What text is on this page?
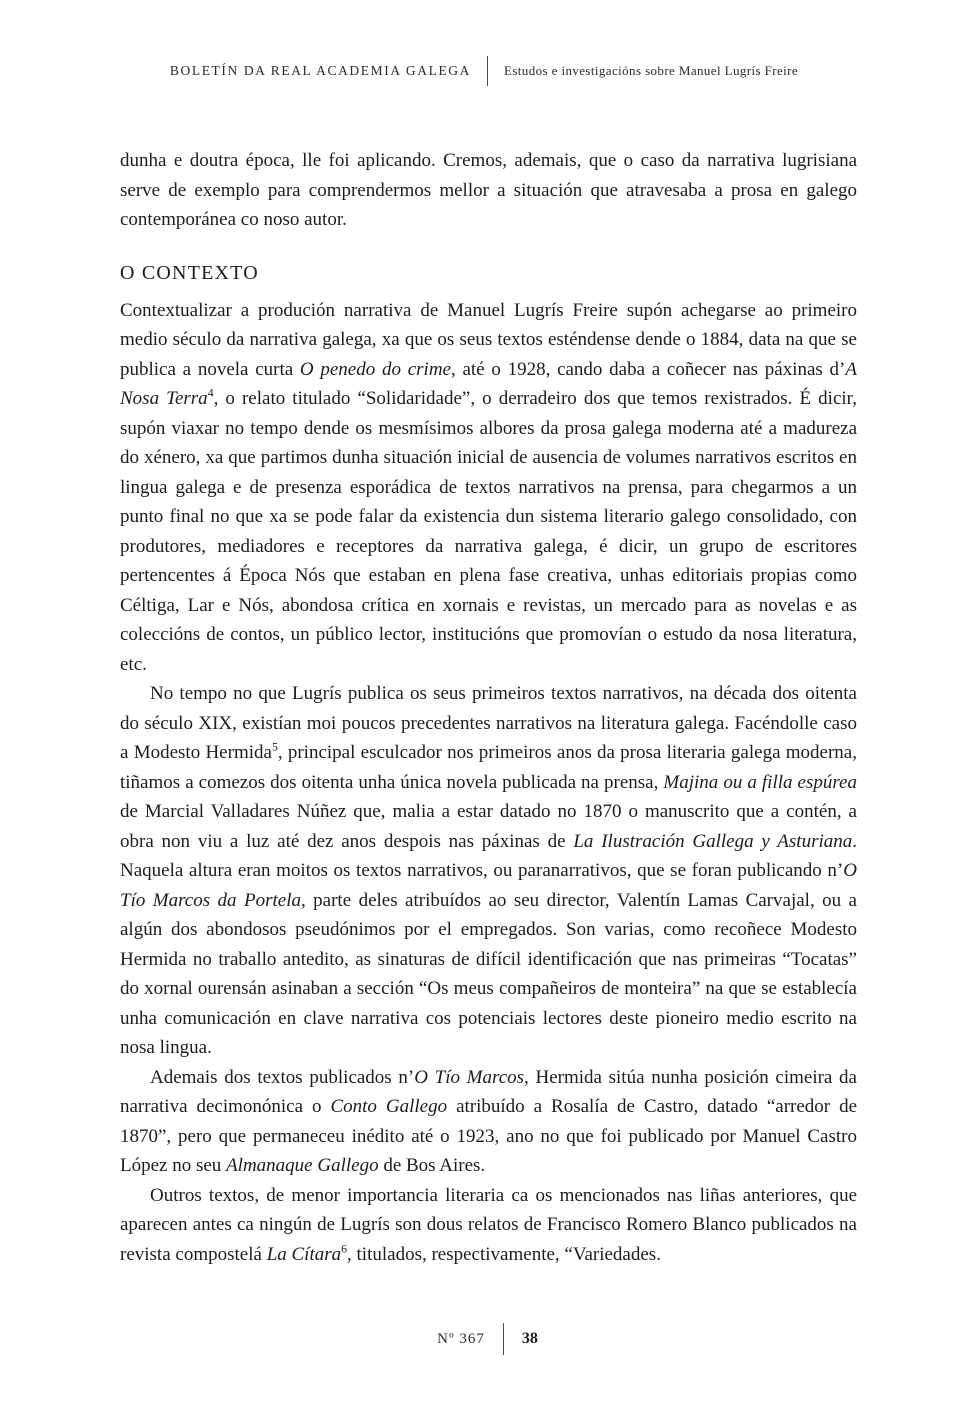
BOLETÍN DA REAL ACADEMIA GALEGA	Estudos e investigacións sobre Manuel Lugrís Freire

dunha e doutra época, lle foi aplicando. Cremos, ademais, que o caso da narrativa lugrisiana serve de exemplo para comprendermos mellor a situación que atravesaba a prosa en galego contemporánea co noso autor.

O CONTEXTO

Contextualizar a produción narrativa de Manuel Lugrís Freire supón achegarse ao primeiro medio século da narrativa galega, xa que os seus textos esténdense dende o 1884, data na que se publica a novela curta O penedo do crime, até o 1928, cando daba a coñecer nas páxinas d’A Nosa Terra$^4$, o relato titulado “Solidaridade”, o derradeiro dos que temos rexistrados. É dicir, supón viaxar no tempo dende os mesmísimos albores da prosa galega moderna até a madureza do xénero, xa que partimos dunha situación inicial de ausencia de volumes narrativos escritos en lingua galega e de presenza esporádica de textos narrativos na prensa, para chegarmos a un punto final no que xa se pode falar da existencia dun sistema literario galego consolidado, con produtores, mediadores e receptores da narrativa galega, é dicir, un grupo de escritores pertencentes á Época Nós que estaban en plena fase creativa, unhas editoriais propias como Céltiga, Lar e Nós, abondosa crítica en xornais e revistas, un mercado para as novelas e as coleccións de contos, un público lector, institucións que promovían o estudo da nosa literatura, etc.

No tempo no que Lugrís publica os seus primeiros textos narrativos, na década dos oitenta do século XIX, existían moi poucos precedentes narrativos na literatura galega. Facéndolle caso a Modesto Hermida$^5$, principal esculcador nos primeiros anos da prosa literaria galega moderna, tiñamos a comezos dos oitenta unha única novela publicada na prensa, Majina ou a filla espúrea de Marcial Valladares Núñez que, malia a estar datado no 1870 o manuscrito que a contén, a obra non viu a luz até dez anos despois nas páxinas de La Ilustración Gallega y Asturiana. Naquela altura eran moitos os textos narrativos, ou paranarrativos, que se foran publicando n’O Tío Marcos da Portela, parte deles atribuídos ao seu director, Valentín Lamas Carvajal, ou a algún dos abondosos pseudónimos por el empregados. Son varias, como recoñece Modesto Hermida no traballo antedito, as sinaturas de difícil identificación que nas primeiras “Tocatas” do xornal ourensán asinaban a sección “Os meus compañeiros de monteira” na que se establecía unha comunicación en clave narrativa cos potenciais lectores deste pioneiro medio escrito na nosa lingua.

Ademais dos textos publicados n’O Tío Marcos, Hermida sitúa nunha posición cimeira da narrativa decimonónica o Conto Gallego atribuído a Rosalía de Castro, datado “arredor de 1870”, pero que permaneceu inédito até o 1923, ano no que foi publicado por Manuel Castro López no seu Almanaque Gallego de Bos Aires.

Outros textos, de menor importancia literaria ca os mencionados nas liñas anteriores, que aparecen antes ca ningún de Lugrís son dous relatos de Francisco Romero Blanco publicados na revista compostelá La Cítara$^6$, titulados, respectivamente, “Variedades.

Nº 367	38
